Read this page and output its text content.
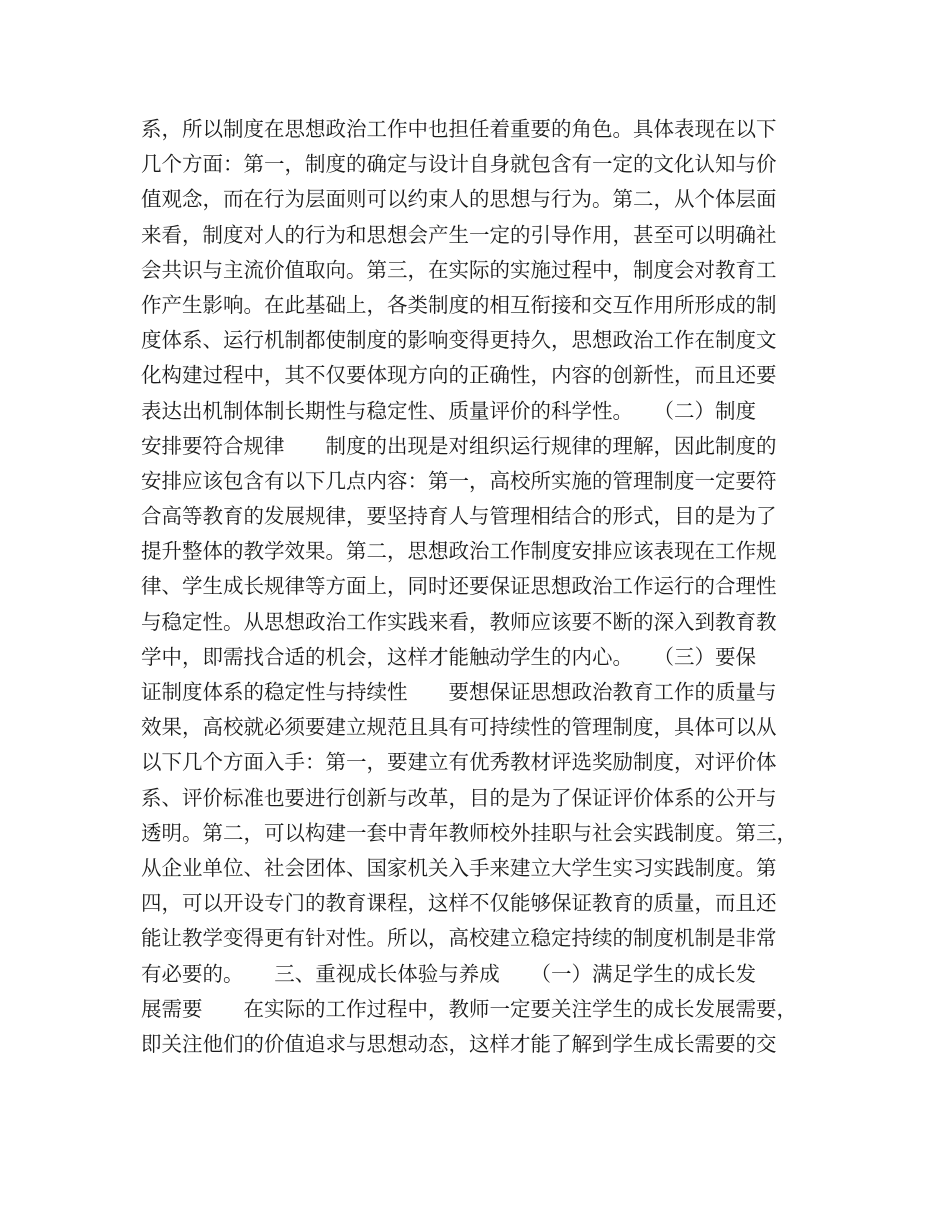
系，所以制度在思想政治工作中也担任着重要的角色。具体表现在以下
几个方面：第一，制度的确定与设计自身就包含有一定的文化认知与价
值观念，而在行为层面则可以约束人的思想与行为。第二，从个体层面
来看，制度对人的行为和思想会产生一定的引导作用，甚至可以明确社
会共识与主流价值取向。第三，在实际的实施过程中，制度会对教育工
作产生影响。在此基础上，各类制度的相互衔接和交互作用所形成的制
度体系、运行机制都使制度的影响变得更持久，思想政治工作在制度文
化构建过程中，其不仅要体现方向的正确性，内容的创新性，而且还要
表达出机制体制长期性与稳定性、质量评价的科学性。　　（二）制度
安排要符合规律　　制度的出现是对组织运行规律的理解，因此制度的
安排应该包含有以下几点内容：第一，高校所实施的管理制度一定要符
合高等教育的发展规律，要坚持育人与管理相结合的形式，目的是为了
提升整体的教学效果。第二，思想政治工作制度安排应该表现在工作规
律、学生成长规律等方面上，同时还要保证思想政治工作运行的合理性
与稳定性。从思想政治工作实践来看，教师应该要不断的深入到教育教
学中，即需找合适的机会，这样才能触动学生的内心。　　（三）要保
证制度体系的稳定性与持续性　　要想保证思想政治教育工作的质量与
效果，高校就必须要建立规范且具有可持续性的管理制度，具体可以从
以下几个方面入手：第一，要建立有优秀教材评选奖励制度，对评价体
系、评价标准也要进行创新与改革，目的是为了保证评价体系的公开与
透明。第二，可以构建一套中青年教师校外挂职与社会实践制度。第三，
从企业单位、社会团体、国家机关入手来建立大学生实习实践制度。第
四，可以开设专门的教育课程，这样不仅能够保证教育的质量，而且还
能让教学变得更有针对性。所以，高校建立稳定持续的制度机制是非常
有必要的。　　三、重视成长体验与养成　　（一）满足学生的成长发
展需要　　在实际的工作过程中，教师一定要关注学生的成长发展需要，
即关注他们的价值追求与思想动态，这样才能了解到学生成长需要的交
